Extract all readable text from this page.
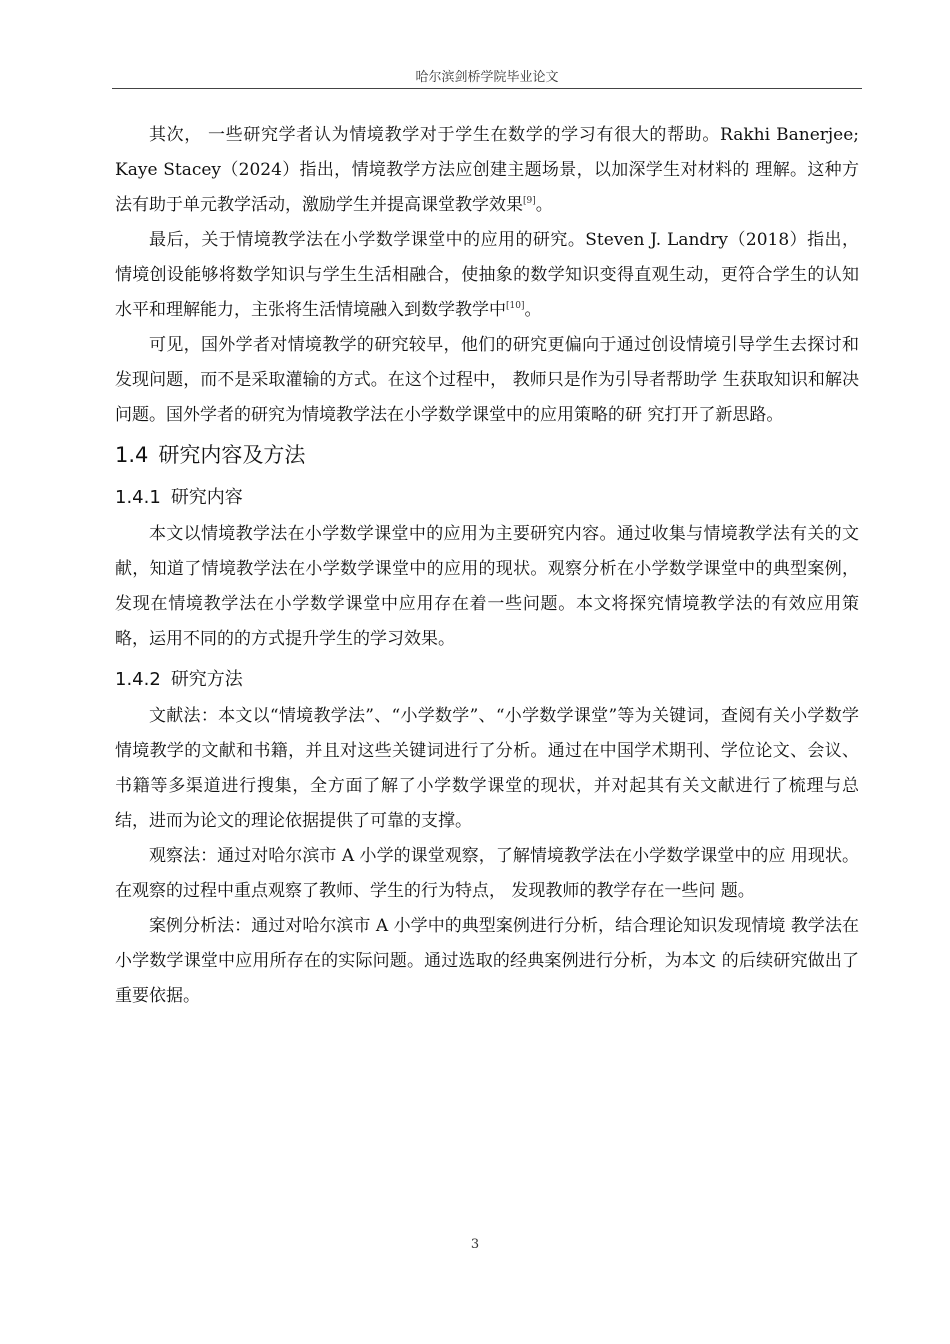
哈尔滨剑桥学院毕业论文

其次， 一些研究学者认为情境教学对于学生在数学的学习有很大的帮助。Rakhi Banerjee; Kaye Stacey（2024）指出，情境教学方法应创建主题场景，以加深学生对材料的 理解。这种方法有助于单元教学活动，激励学生并提高课堂教学效果[9]。

最后，关于情境教学法在小学数学课堂中的应用的研究。Steven J. Landry（2018）指出，情境创设能够将数学知识与学生生活相融合，使抽象的数学知识变得直观生动，更符合学生的认知水平和理解能力，主张将生活情境融入到数学教学中[10]。

可见，国外学者对情境教学的研究较早，他们的研究更偏向于通过创设情境引导学生去探讨和发现问题，而不是采取灌输的方式。在这个过程中， 教师只是作为引导者帮助学 生获取知识和解决问题。国外学者的研究为情境教学法在小学数学课堂中的应用策略的研 究打开了新思路。

1.4 研究内容及方法
1.4.1 研究内容

本文以情境教学法在小学数学课堂中的应用为主要研究内容。通过收集与情境教学法有关的文献，知道了情境教学法在小学数学课堂中的应用的现状。观察分析在小学数学课堂中的典型案例，发现在情境教学法在小学数学课堂中应用存在着一些问题。本文将探究情境教学法的有效应用策略，运用不同的的方式提升学生的学习效果。

1.4.2 研究方法

文献法：本文以“情境教学法”、“小学数学”、“小学数学课堂”等为关键词，查阅有关小学数学情境教学的文献和书籍，并且对这些关键词进行了分析。通过在中国学术期刊、学位论文、会议、书籍等多渠道进行搜集，全方面了解了小学数学课堂的现状，并对起其有关文献进行了梳理与总结，进而为论文的理论依据提供了可靠的支撑。

观察法：通过对哈尔滨市 A 小学的课堂观察，了解情境教学法在小学数学课堂中的应 用现状。在观察的过程中重点观察了教师、学生的行为特点， 发现教师的教学存在一些问 题。

案例分析法：通过对哈尔滨市 A 小学中的典型案例进行分析，结合理论知识发现情境 教学法在小学数学课堂中应用所存在的实际问题。通过选取的经典案例进行分析，为本文 的后续研究做出了重要依据。

3
